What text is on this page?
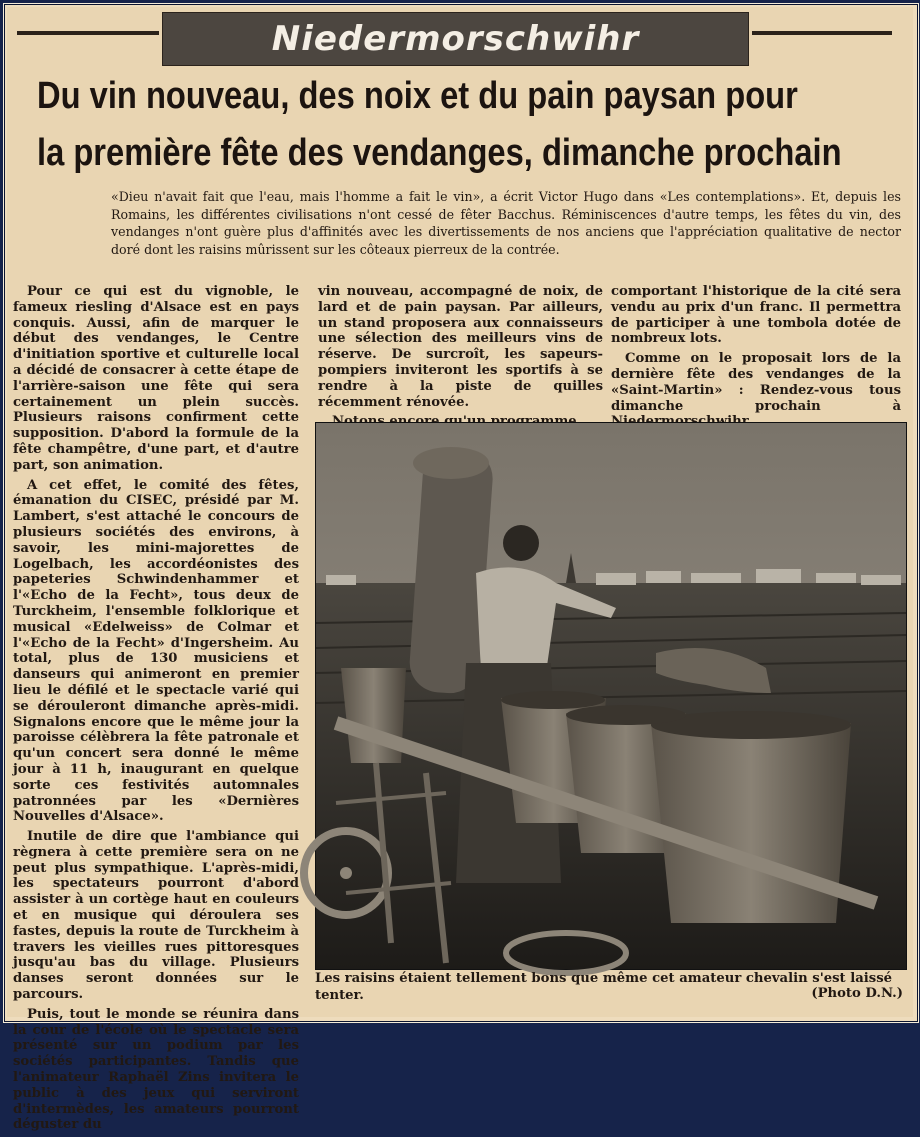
Niedermorschwihr
Du vin nouveau, des noix et du pain paysan pour
la première fête des vendanges, dimanche prochain
«Dieu n'avait fait que l'eau, mais l'homme a fait le vin», a écrit Victor Hugo dans «Les contemplations». Et, depuis les Romains, les différentes civilisations n'ont cessé de fêter Bacchus. Réminiscences d'autre temps, les fêtes du vin, des vendanges n'ont guère plus d'affinités avec les divertissements de nos anciens que l'appréciation qualitative de nector doré dont les raisins mûrissent sur les côteaux pierreux de la contrée.

Pour ce qui est du vignoble, le fameux riesling d'Alsace est en pays conquis. Aussi, afin de marquer le début des vendanges, le Centre d'initiation sportive et culturelle local a décidé de consacrer à cette étape de l'arrière-saison une fête qui sera certainement un plein succès. Plusieurs raisons confirment cette supposition. D'abord la formule de la fête champêtre, d'une part, et d'autre part, son animation.

A cet effet, le comité des fêtes, émanation du CISEC, présidé par M. Lambert, s'est attaché le concours de plusieurs sociétés des environs, à savoir, les mini-majorettes de Logelbach, les accordéonistes des papeteries Schwindenhammer et l'«Echo de la Fecht», tous deux de Turckheim, l'ensemble folklorique et musical «Edelweiss» de Colmar et l'«Echo de la Fecht» d'Ingersheim. Au total, plus de 130 musiciens et danseurs qui animeront en premier lieu le défilé et le spectacle varié qui se dérouleront dimanche après-midi. Signalons encore que le même jour la paroisse célèbrera la fête patronale et qu'un concert sera donné le même jour à 11 h, inaugurant en quelque sorte ces festivités automnales patronnées par les «Dernières Nouvelles d'Alsace».

Inutile de dire que l'ambiance qui règnera à cette première sera on ne peut plus sympathique. L'après-midi, les spectateurs pourront d'abord assister à un cortège haut en couleurs et en musique qui déroulera ses fastes, depuis la route de Turckheim à travers les vieilles rues pittoresques jusqu'au bas du village. Plusieurs danses seront données sur le parcours.

Puis, tout le monde se réunira dans la cour de l'école où le spectacle sera présenté sur un podium par les sociétés participantes. Tandis que l'animateur Raphaël Zins invitera le public à des jeux qui serviront d'intermèdes, les amateurs pourront déguster du

vin nouveau, accompagné de noix, de lard et de pain paysan. Par ailleurs, un stand proposera aux connaisseurs une sélection des meilleurs vins de réserve. De surcroît, les sapeurs-pompiers inviteront les sportifs à se rendre à la piste de quilles récemment rénovée.

comportant l'historique de la cité sera vendu au prix d'un franc. Il permettra de participer à une tombola dotée de nombreux lots.

Comme on le proposait lors de la dernière fête des vendanges de la «Saint-Martin» : Rendez-vous tous dimanche prochain à

Les raisins étaient tellement bons que même cet amateur chevalin s'est laissé tenter.	(Photo D.N.)
